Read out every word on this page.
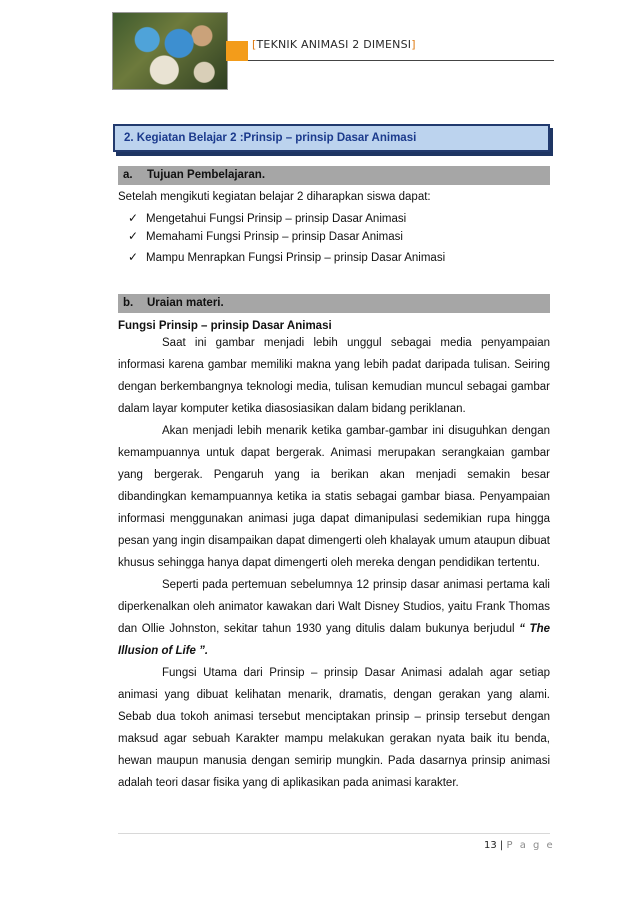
[TEKNIK ANIMASI 2 DIMENSI]
2. Kegiatan Belajar 2 :Prinsip – prinsip Dasar Animasi
a. Tujuan Pembelajaran.
Setelah mengikuti kegiatan belajar 2 diharapkan siswa dapat:
✓ Mengetahui Fungsi Prinsip – prinsip Dasar Animasi
✓ Memahami Fungsi Prinsip – prinsip Dasar Animasi
✓ Mampu Menrapkan Fungsi Prinsip – prinsip Dasar Animasi
b. Uraian materi.
Fungsi Prinsip – prinsip Dasar Animasi

Saat ini gambar menjadi lebih unggul sebagai media penyampaian informasi karena gambar memiliki makna yang lebih padat daripada tulisan. Seiring dengan berkembangnya teknologi media, tulisan kemudian muncul sebagai gambar dalam layar komputer ketika diasosiasikan dalam bidang periklanan.

Akan menjadi lebih menarik ketika gambar-gambar ini disuguhkan dengan kemampuannya untuk dapat bergerak. Animasi merupakan serangkaian gambar yang bergerak. Pengaruh yang ia berikan akan menjadi semakin besar dibandingkan kemampuannya ketika ia statis sebagai gambar biasa. Penyampaian informasi menggunakan animasi juga dapat dimanipulasi sedemikian rupa hingga pesan yang ingin disampaikan dapat dimengerti oleh khalayak umum ataupun dibuat khusus sehingga hanya dapat dimengerti oleh mereka dengan pendidikan tertentu.

Seperti pada pertemuan sebelumnya 12 prinsip dasar animasi pertama kali diperkenalkan oleh animator kawakan dari Walt Disney Studios, yaitu Frank Thomas dan Ollie Johnston, sekitar tahun 1930 yang ditulis dalam bukunya berjudul “ The Illusion of Life ”.

Fungsi Utama dari Prinsip – prinsip Dasar Animasi adalah agar setiap animasi yang dibuat kelihatan menarik, dramatis, dengan gerakan yang alami. Sebab dua tokoh animasi tersebut menciptakan prinsip – prinsip tersebut dengan maksud agar sebuah Karakter mampu melakukan gerakan nyata baik itu benda, hewan maupun manusia dengan semirip mungkin. Pada dasarnya prinsip animasi adalah teori dasar fisika yang di aplikasikan pada animasi karakter.

13 | P a g e
